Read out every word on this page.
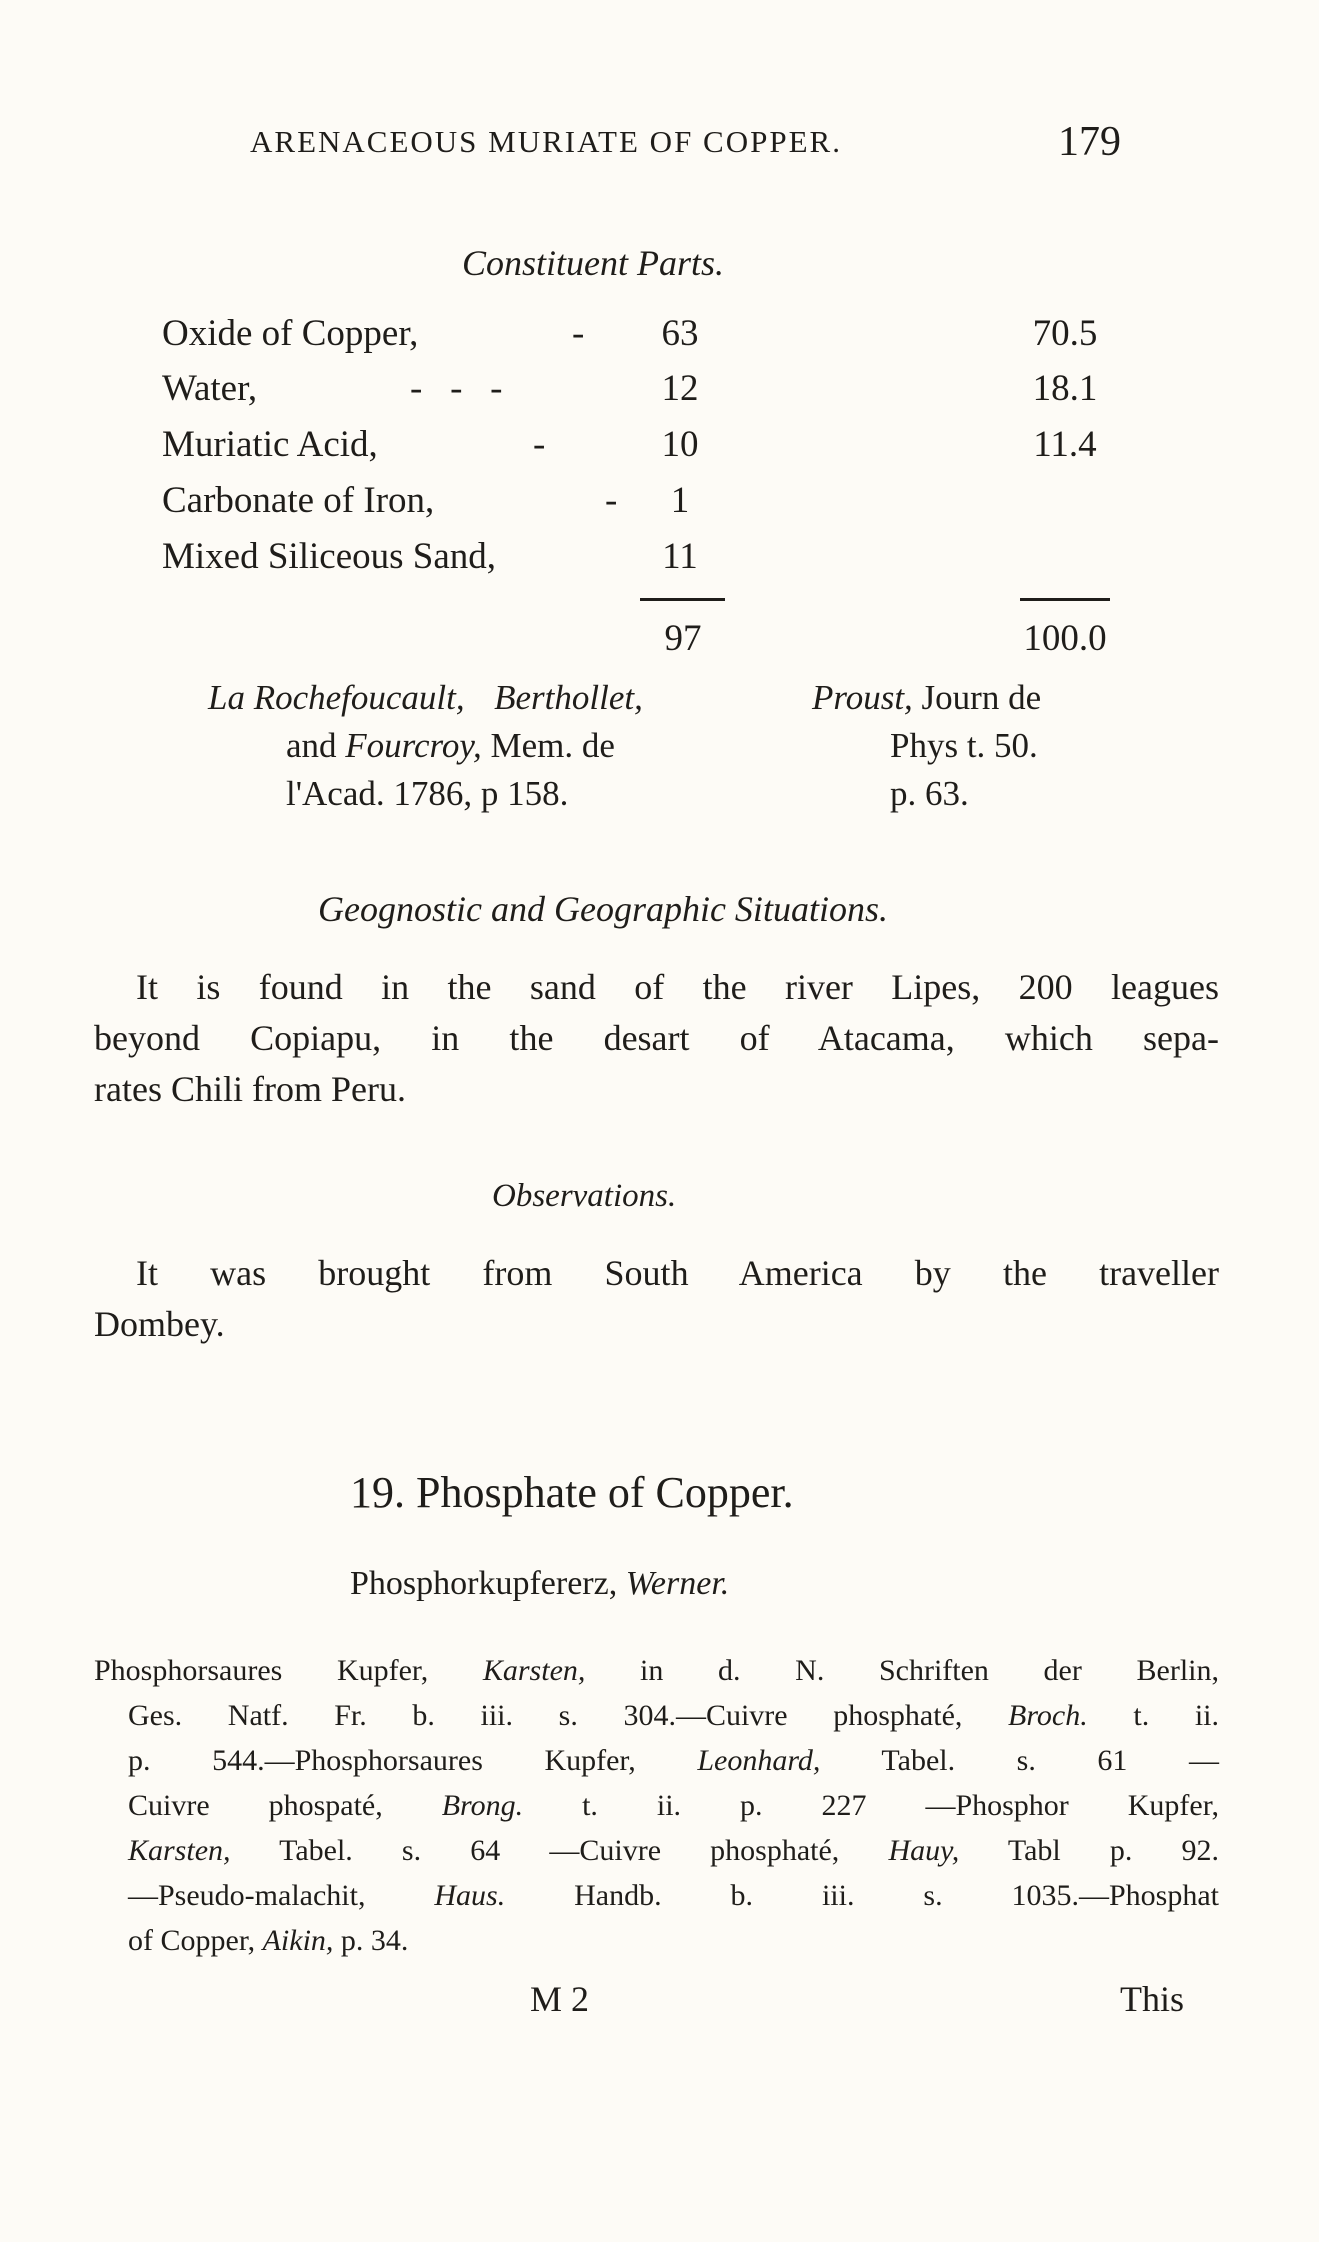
ARENACEOUS MURIATE OF COPPER.	179
Constituent Parts.
Oxide of Copper,	-	63	70.5
Water,	-   -   -	12	18.1
Muriatic Acid,	-	10	11.4
Carbonate of Iron,	-	1
Mixed Siliceous Sand,	11
97	100.0
La Rochefoucault, Berthollet,
and Fourcroy, Mem. de
l'Acad. 1786, p 158.
Proust, Journ de
Phys t. 50.
p. 63.
Geognostic and Geographic Situations.
It is found in the sand of the river Lipes, 200 leagues
beyond Copiapu, in the desart of Atacama, which sepa-
rates Chili from Peru.
Observations.
It was brought from South America by the traveller
Dombey.
19. Phosphate of Copper.
Phosphorkupfererz, Werner.
Phosphorsaures Kupfer, Karsten, in d. N. Schriften der Berlin,
Ges. Natf. Fr. b. iii. s. 304.—Cuivre phosphaté, Broch. t. ii.
p. 544.—Phosphorsaures Kupfer, Leonhard, Tabel. s. 61 —
Cuivre phospaté, Brong. t. ii. p. 227 —Phosphor Kupfer,
Karsten, Tabel. s. 64 —Cuivre phosphaté, Hauy, Tabl p. 92.
—Pseudo-malachit, Haus. Handb. b. iii. s. 1035.—Phosphat
of Copper, Aikin, p. 34.
M 2	This
